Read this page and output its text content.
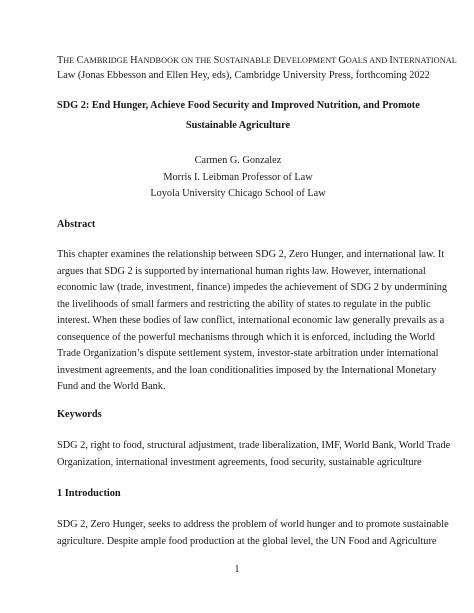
THE CAMBRIDGE HANDBOOK ON THE SUSTAINABLE DEVELOPMENT GOALS AND INTERNATIONAL
Law (Jonas Ebbesson and Ellen Hey, eds), Cambridge University Press, forthcoming 2022
SDG 2: End Hunger, Achieve Food Security and Improved Nutrition, and Promote
Sustainable Agriculture
Carmen G. Gonzalez
Morris I. Leibman Professor of Law
Loyola University Chicago School of Law
Abstract
This chapter examines the relationship between SDG 2, Zero Hunger, and international law. It
argues that SDG 2 is supported by international human rights law. However, international
economic law (trade, investment, finance) impedes the achievement of SDG 2 by undermining
the livelihoods of small farmers and restricting the ability of states to regulate in the public
interest. When these bodies of law conflict, international economic law generally prevails as a
consequence of the powerful mechanisms through which it is enforced, including the World
Trade Organization’s dispute settlement system, investor-state arbitration under international
investment agreements, and the loan conditionalities imposed by the International Monetary
Fund and the World Bank.
Keywords
SDG 2, right to food, structural adjustment, trade liberalization, IMF, World Bank, World Trade
Organization, international investment agreements, food security, sustainable agriculture
1 Introduction
SDG 2, Zero Hunger, seeks to address the problem of world hunger and to promote sustainable
agriculture. Despite ample food production at the global level, the UN Food and Agriculture
1
